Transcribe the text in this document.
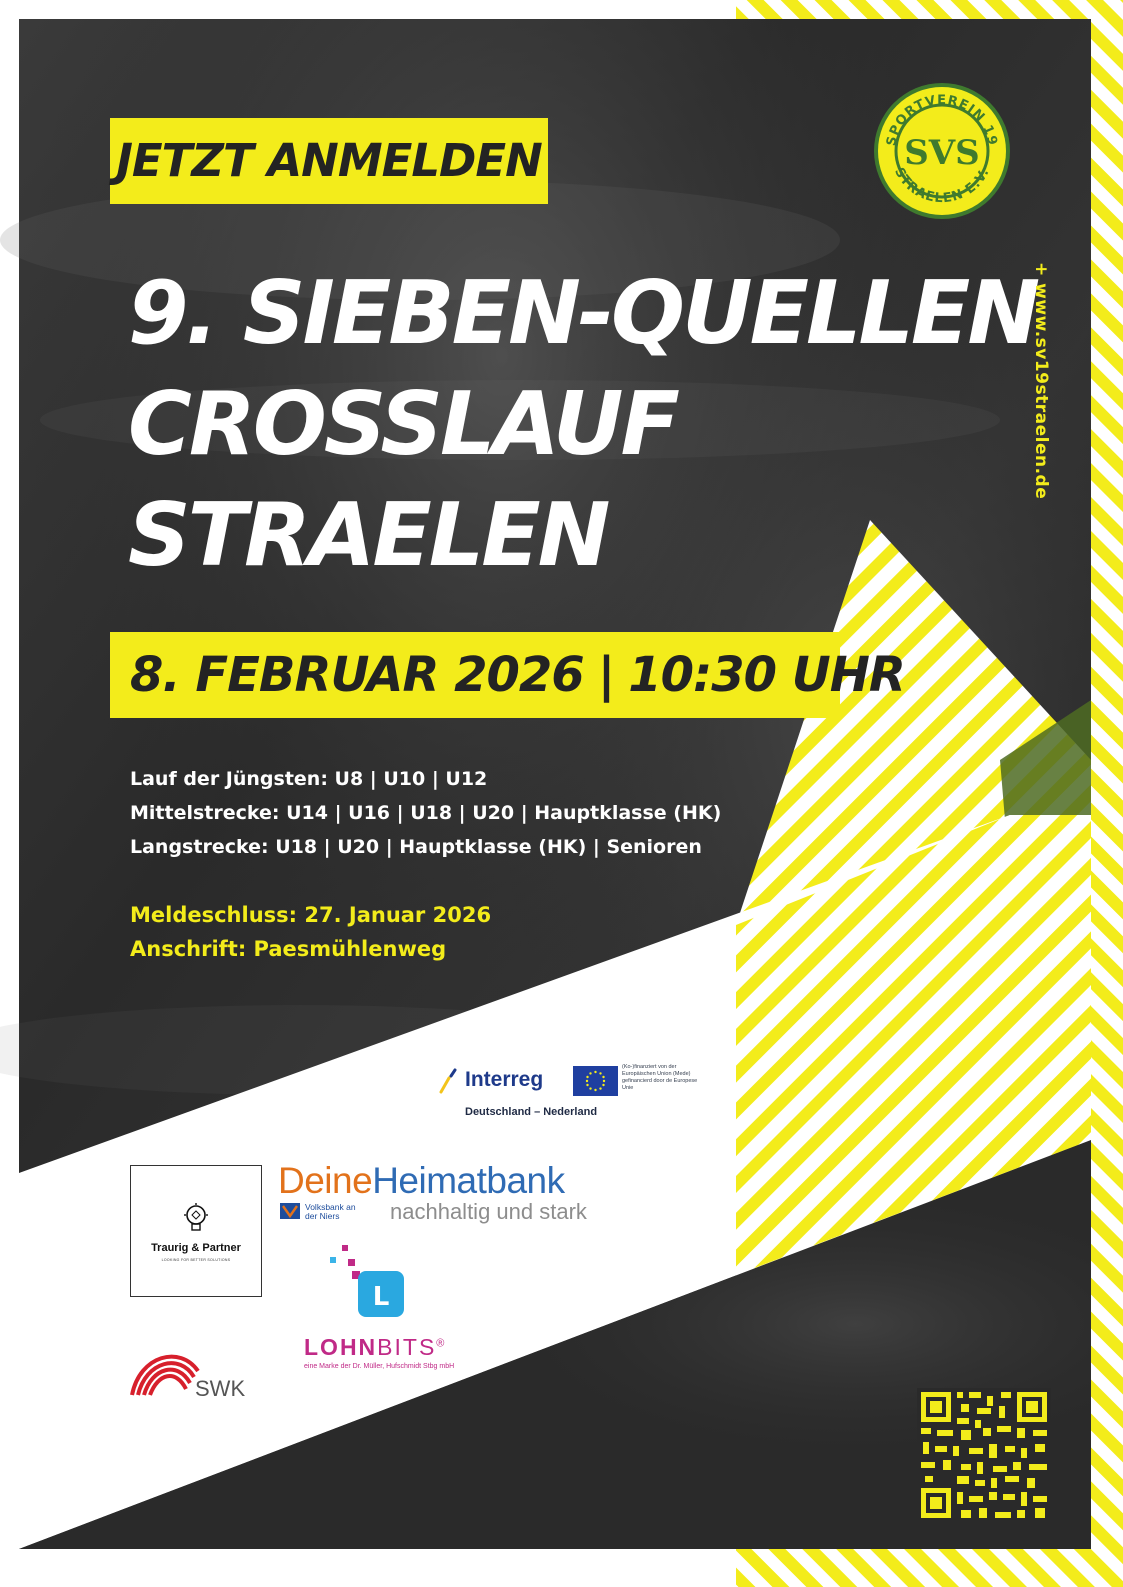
JETZT ANMELDEN
9. SIEBEN-QUELLEN
CROSSLAUF
STRAELEN
8. FEBRUAR 2026 | 10:30 UHR
Lauf der Jüngsten: U8 | U10 | U12
Mittelstrecke: U14 | U16 | U18 | U20 | Hauptklasse (HK)
Langstrecke: U18 | U20 | Hauptklasse (HK) | Senioren
Meldeschluss: 27. Januar 2026
Anschrift: Paesmühlenweg
+ www.sv19straelen.de
SPORTVEREIN 19
STRAELEN E.V.
SVS
Interreg
Deutschland – Nederland
(Ko-)finanziert von der Europäischen Union (Mede) gefinancierd door de Europese Unie
Traurig & Partner
LOOKING FOR BETTER SOLUTIONS
DeineHeimatbank
Volksbank an der Niers	nachhaltig und stark
L
LOHNBITS®
eine Marke der Dr. Müller, Hufschmidt Stbg mbH
SWK
